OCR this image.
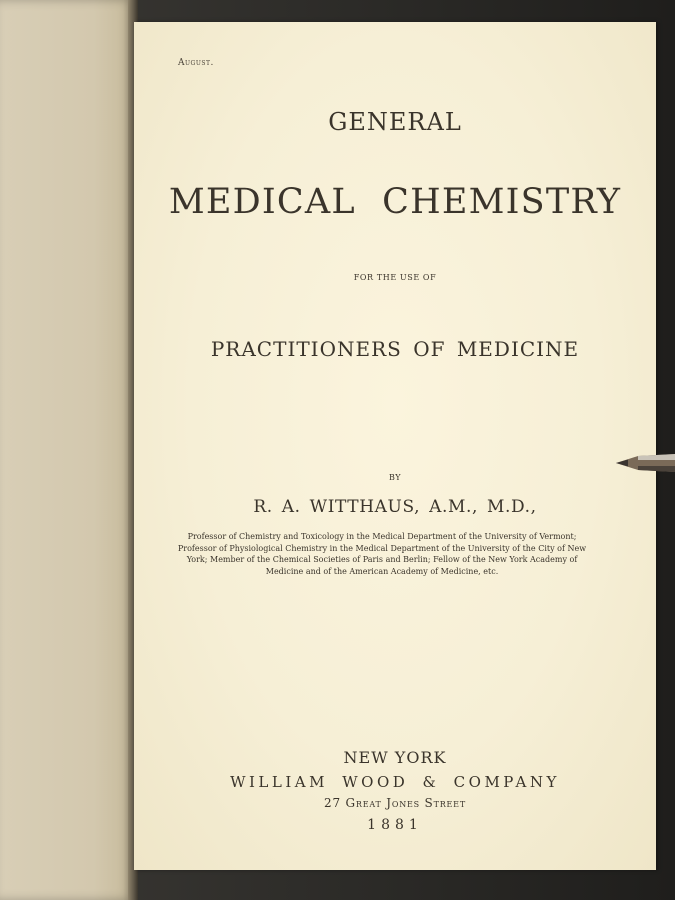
August.
GENERAL
MEDICAL CHEMISTRY
FOR THE USE OF
PRACTITIONERS OF MEDICINE
BY
R. A. WITTHAUS, A.M., M.D.,
Professor of Chemistry and Toxicology in the Medical Department of the University of Vermont; Professor of Physiological Chemistry in the Medical Department of the University of the City of New York; Member of the Chemical Societies of Paris and Berlin; Fellow of the New York Academy of Medicine and of the American Academy of Medicine, etc.
NEW YORK
WILLIAM WOOD & COMPANY
27 Great Jones Street
1881
